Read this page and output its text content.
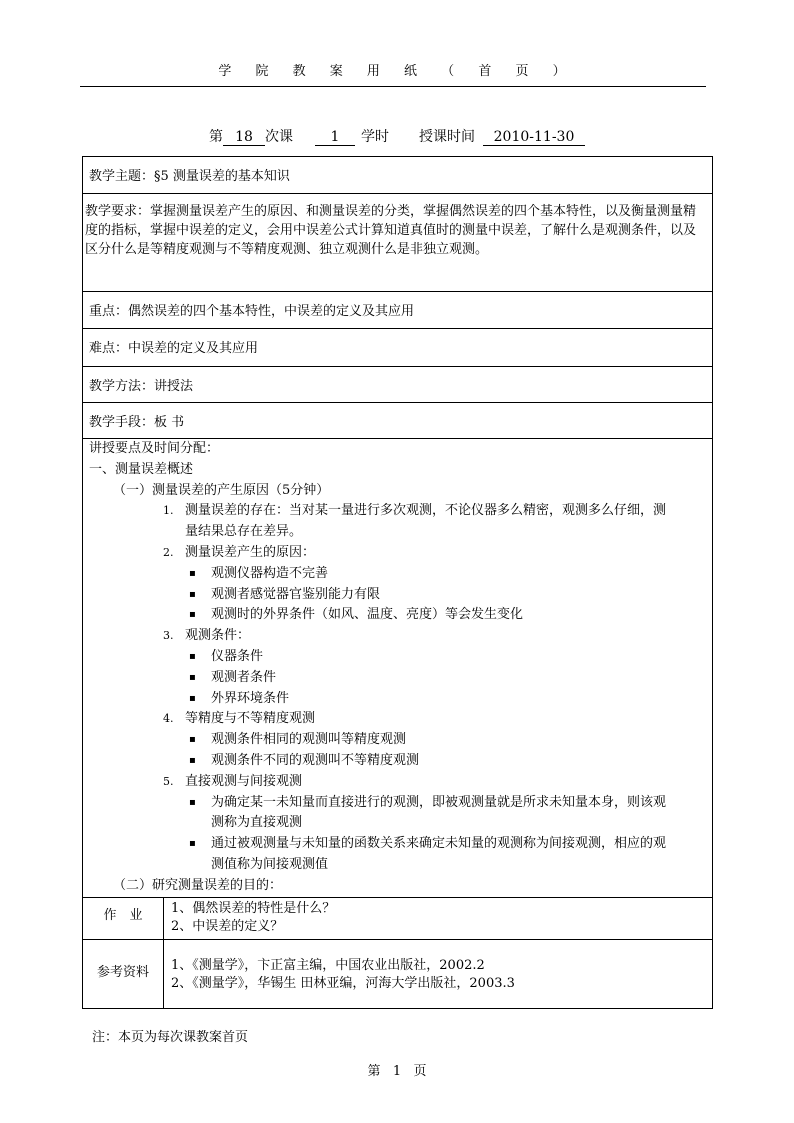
学 院 教 案 用 纸 （ 首 页 ）
第 18 次课	1 学时 授课时间 2010-11-30
教学主题：§5 测量误差的基本知识
教学要求：掌握测量误差产生的原因、和测量误差的分类，掌握偶然误差的四个基本特性，以及衡量测量精度的指标，掌握中误差的定义，会用中误差公式计算知道真值时的测量中误差，了解什么是观测条件，以及区分什么是等精度观测与不等精度观测、独立观测什么是非独立观测。
重点：偶然误差的四个基本特性，中误差的定义及其应用
难点：中误差的定义及其应用
教学方法：讲授法
教学手段：板 书
讲授要点及时间分配：
一、测量误差概述
（一）测量误差的产生原因（5分钟）
1. 测量误差的存在：当对某一量进行多次观测，不论仪器多么精密，观测多么仔细，测
量结果总存在差异。
2. 测量误差产生的原因：
▪ 观测仪器构造不完善
▪ 观测者感觉器官鉴别能力有限
▪ 观测时的外界条件（如风、温度、亮度）等会发生变化
3. 观测条件：
▪ 仪器条件
▪ 观测者条件
▪ 外界环境条件
4. 等精度与不等精度观测
▪ 观测条件相同的观测叫等精度观测
▪ 观测条件不同的观测叫不等精度观测
5. 直接观测与间接观测
▪ 为确定某一未知量而直接进行的观测，即被观测量就是所求未知量本身，则该观
测称为直接观测
▪ 通过被观测量与未知量的函数关系来确定未知量的观测称为间接观测，相应的观
测值称为间接观测值
（二）研究测量误差的目的：
作　业	1、偶然误差的特性是什么？
2、中误差的定义？
参考资料	1、《测量学》，卞正富主编，中国农业出版社，2002.2
2、《测量学》，华锡生 田林亚编，河海大学出版社，2003.3
注：本页为每次课教案首页
第 1 页
